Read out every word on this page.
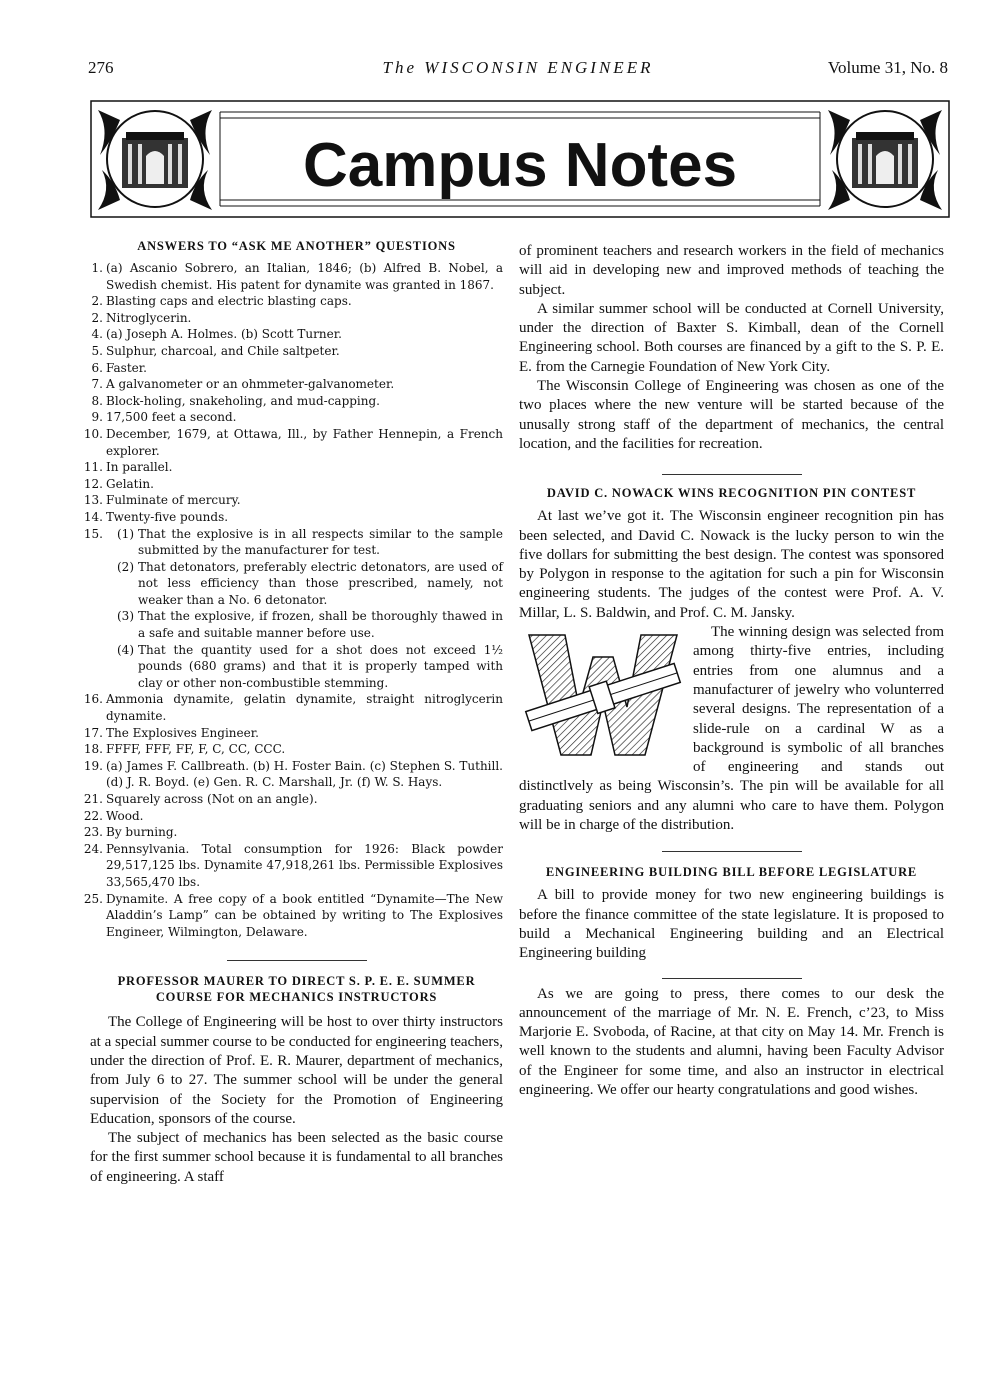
276	The WISCONSIN ENGINEER	Volume 31, No. 8
Campus Notes
ANSWERS TO “ASK ME ANOTHER” QUESTIONS
1. (a) Ascanio Sobrero, an Italian, 1846; (b) Alfred B. Nobel, a Swedish chemist. His patent for dynamite was granted in 1867.
2. Blasting caps and electric blasting caps.
2. Nitroglycerin.
4. (a) Joseph A. Holmes. (b) Scott Turner.
5. Sulphur, charcoal, and Chile saltpeter.
6. Faster.
7. A galvanometer or an ohmmeter-galvanometer.
8. Block-holing, snakeholing, and mud-capping.
9. 17,500 feet a second.
10. December, 1679, at Ottawa, Ill., by Father Hennepin, a French explorer.
11. In parallel.
12. Gelatin.
13. Fulminate of mercury.
14. Twenty-five pounds.
15.	(1) That the explosive is in all respects similar to the sample submitted by the manufacturer for test.
(2) That detonators, preferably electric detonators, are used of not less efficiency than those prescribed, namely, not weaker than a No. 6 detonator.
(3) That the explosive, if frozen, shall be thoroughly thawed in a safe and suitable manner before use.
(4) That the quantity used for a shot does not exceed 1½ pounds (680 grams) and that it is properly tamped with clay or other non-combustible stemming.
16. Ammonia dynamite, gelatin dynamite, straight nitroglycerin dynamite.
17. The Explosives Engineer.
18. FFFF, FFF, FF, F, C, CC, CCC.
19. (a) James F. Callbreath. (b) H. Foster Bain. (c) Stephen S. Tuthill. (d) J. R. Boyd. (e) Gen. R. C. Marshall, Jr. (f) W. S. Hays.
21. Squarely across (Not on an angle).
22. Wood.
23. By burning.
24. Pennsylvania. Total consumption for 1926: Black powder 29,517,125 lbs. Dynamite 47,918,261 lbs. Permissible Explosives 33,565,470 lbs.
25. Dynamite. A free copy of a book entitled “Dynamite—The New Aladdin’s Lamp” can be obtained by writing to The Explosives Engineer, Wilmington, Delaware.
PROFESSOR MAURER TO DIRECT S. P. E. E. SUMMER COURSE FOR MECHANICS INSTRUCTORS

The College of Engineering will be host to over thirty instructors at a special summer course to be conducted for engineering teachers, under the direction of Prof. E. R. Maurer, department of mechanics, from July 6 to 27. The summer school will be under the general supervision of the Society for the Promotion of Engineering Education, sponsors of the course.

The subject of mechanics has been selected as the basic course for the first summer school because it is fundamental to all branches of engineering. A staff

of prominent teachers and research workers in the field of mechanics will aid in developing new and improved methods of teaching the subject.

A similar summer school will be conducted at Cornell University, under the direction of Baxter S. Kimball, dean of the Cornell Engineering school. Both courses are financed by a gift to the S. P. E. E. from the Carnegie Foundation of New York City.

The Wisconsin College of Engineering was chosen as one of the two places where the new venture will be started because of the unusally strong staff of the department of mechanics, the central location, and the facilities for recreation.

DAVID C. NOWACK WINS RECOGNITION PIN CONTEST

At last we’ve got it. The Wisconsin engineer recognition pin has been selected, and David C. Nowack is the lucky person to win the five dollars for submitting the best design. The contest was sponsored by Polygon in response to the agitation for such a pin for Wisconsin engineering students. The judges of the contest were Prof. A. V. Millar, L. S. Baldwin, and Prof. C. M. Jansky.

The winning design was selected from among thirty-five entries, including entries from one alumnus and a manufacturer of jewelry who volunterred several designs. The representation of a slide-rule on a cardinal W as a background is symbolic of all branches of engineering and stands out distinctlvely as being Wisconsin’s. The pin will be available for all graduating seniors and any alumni who care to have them. Polygon will be in charge of the distribution.

ENGINEERING BUILDING BILL BEFORE LEGISLATURE

A bill to provide money for two new engineering buildings is before the finance committee of the state legislature. It is proposed to build a Mechanical Engineering building and an Electrical Engineering building

As we are going to press, there comes to our desk the announcement of the marriage of Mr. N. E. French, c’23, to Miss Marjorie E. Svoboda, of Racine, at that city on May 14. Mr. French is well known to the students and alumni, having been Faculty Advisor of the Engineer for some time, and also an instructor in electrical engineering. We offer our hearty congratulations and good wishes.
